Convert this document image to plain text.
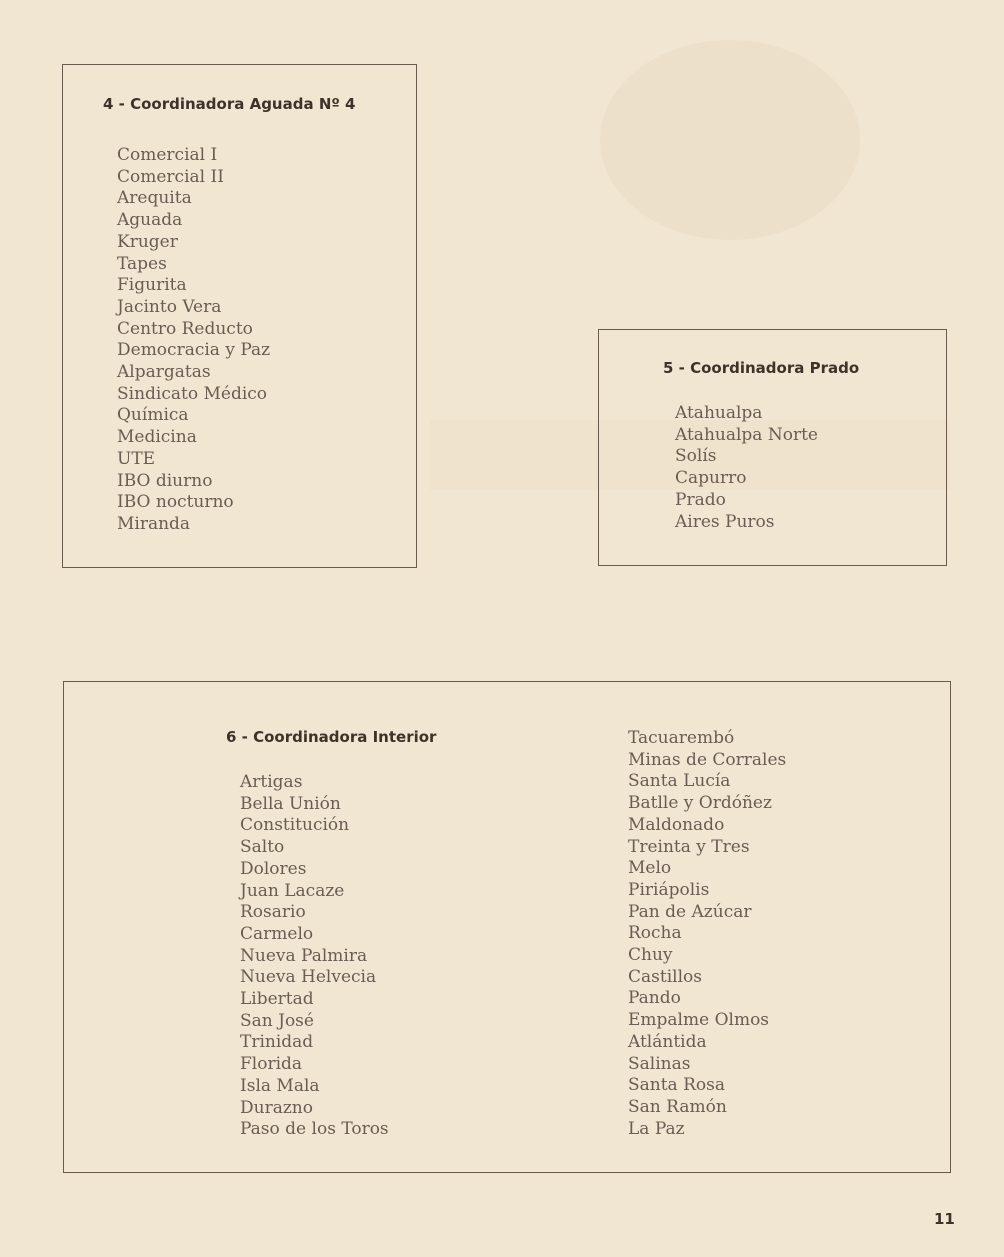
4 - Coordinadora Aguada Nº 4
Comercial I
Comercial II
Arequita
Aguada
Kruger
Tapes
Figurita
Jacinto Vera
Centro Reducto
Democracia y Paz
Alpargatas
Sindicato Médico
Química
Medicina
UTE
IBO diurno
IBO nocturno
Miranda
5 - Coordinadora Prado
Atahualpa
Atahualpa Norte
Solís
Capurro
Prado
Aires Puros
6 - Coordinadora Interior
Artigas
Bella Unión
Constitución
Salto
Dolores
Juan Lacaze
Rosario
Carmelo
Nueva Palmira
Nueva Helvecia
Libertad
San José
Trinidad
Florida
Isla Mala
Durazno
Paso de los Toros
Tacuarembó
Minas de Corrales
Santa Lucía
Batlle y Ordóñez
Maldonado
Treinta y Tres
Melo
Piriápolis
Pan de Azúcar
Rocha
Chuy
Castillos
Pando
Empalme Olmos
Atlántida
Salinas
Santa Rosa
San Ramón
La Paz
11
